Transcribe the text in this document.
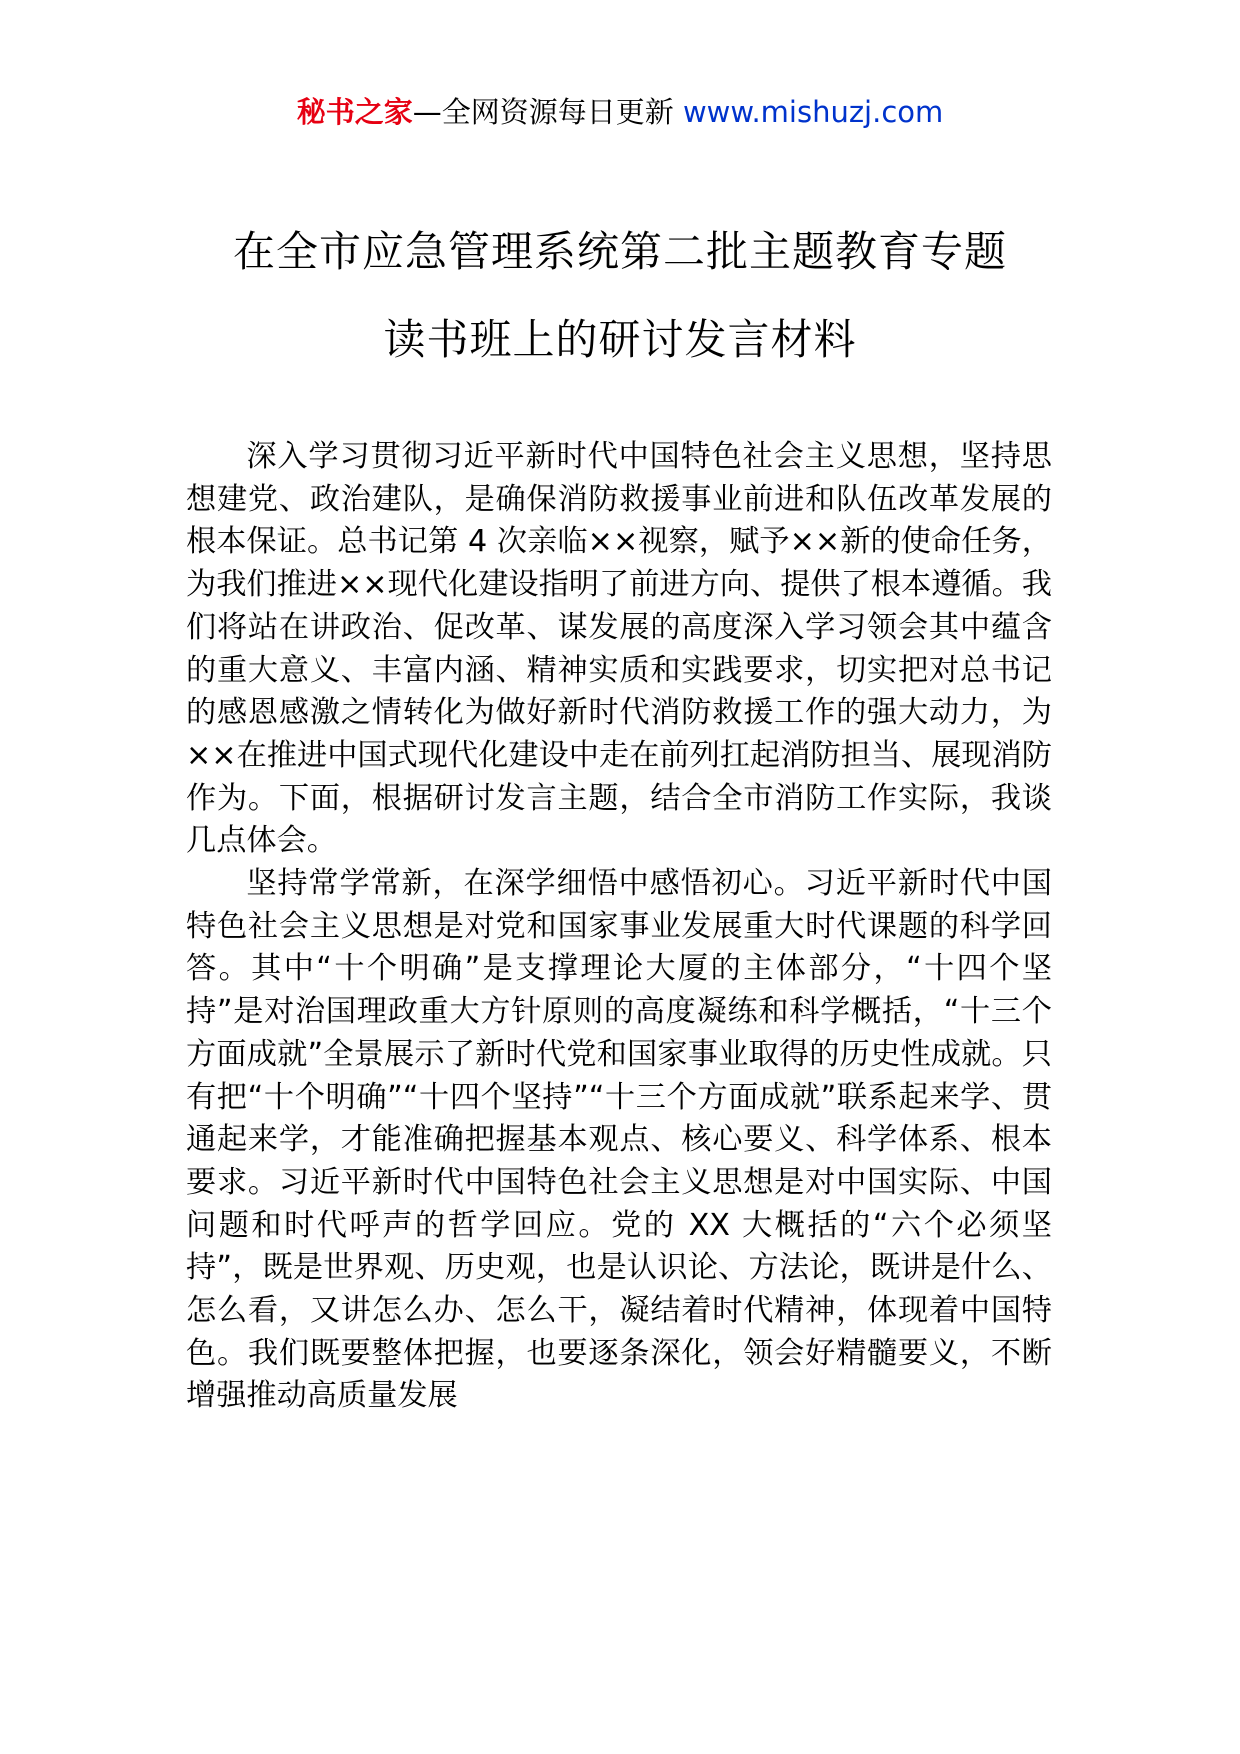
秘书之家—全网资源每日更新 www.mishuzj.com
在全市应急管理系统第二批主题教育专题
读书班上的研讨发言材料

深入学习贯彻习近平新时代中国特色社会主义思想，坚持思想建党、政治建队，是确保消防救援事业前进和队伍改革发展的根本保证。总书记第 4 次亲临××视察，赋予××新的使命任务，为我们推进××现代化建设指明了前进方向、提供了根本遵循。我们将站在讲政治、促改革、谋发展的高度深入学习领会其中蕴含的重大意义、丰富内涵、精神实质和实践要求，切实把对总书记的感恩感激之情转化为做好新时代消防救援工作的强大动力，为××在推进中国式现代化建设中走在前列扛起消防担当、展现消防作为。下面，根据研讨发言主题，结合全市消防工作实际，我谈几点体会。

坚持常学常新，在深学细悟中感悟初心。习近平新时代中国特色社会主义思想是对党和国家事业发展重大时代课题的科学回答。其中“十个明确”是支撑理论大厦的主体部分，“十四个坚持”是对治国理政重大方针原则的高度凝练和科学概括，“十三个方面成就”全景展示了新时代党和国家事业取得的历史性成就。只有把“十个明确”“十四个坚持”“十三个方面成就”联系起来学、贯通起来学，才能准确把握基本观点、核心要义、科学体系、根本要求。习近平新时代中国特色社会主义思想是对中国实际、中国问题和时代呼声的哲学回应。党的 XX 大概括的“六个必须坚持”，既是世界观、历史观，也是认识论、方法论，既讲是什么、怎么看，又讲怎么办、怎么干，凝结着时代精神，体现着中国特色。我们既要整体把握，也要逐条深化，领会好精髓要义，不断增强推动高质量发展
